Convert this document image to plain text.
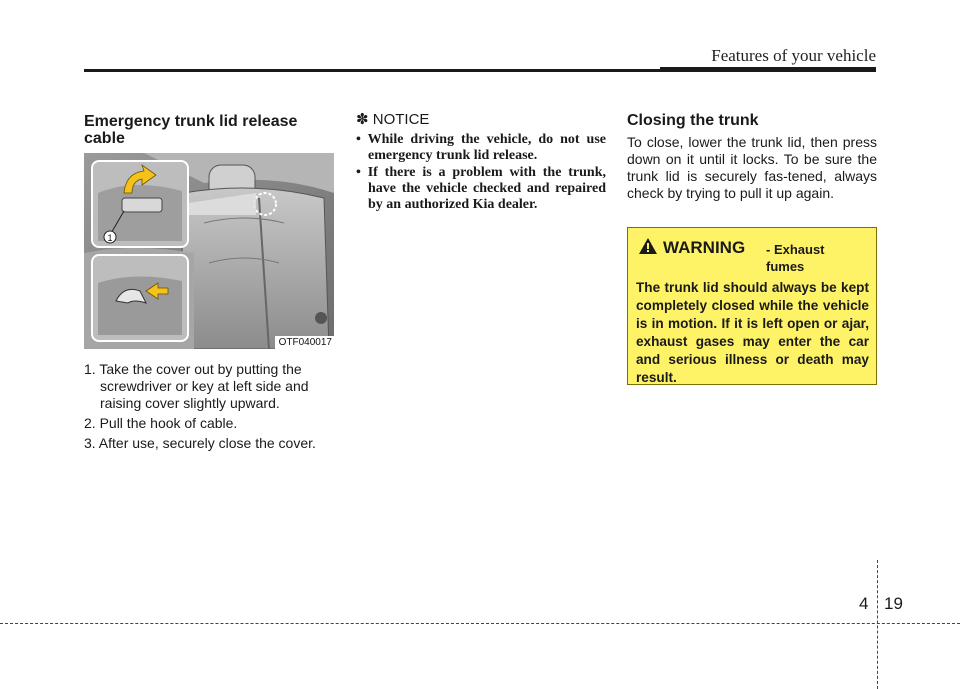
Features of your vehicle
Emergency trunk lid release cable
1
OTF040017
1. Take the cover out by putting the screwdriver or key at left side and raising cover slightly upward.
2. Pull the hook of cable.
3. After use, securely close the cover.
✽ NOTICE
• While driving the vehicle, do not use emergency trunk lid release.
• If there is a problem with the trunk, have the vehicle checked and repaired by an authorized Kia dealer.
Closing the trunk
To close, lower the trunk lid, then press down on it until it locks. To be sure the trunk lid is securely fas-tened, always check by trying to pull it up again.
WARNING - Exhaust fumes
The trunk lid should always be kept completely closed while the vehicle is in motion. If it is left open or ajar, exhaust gases may enter the car and serious illness or death may result.
4 19
